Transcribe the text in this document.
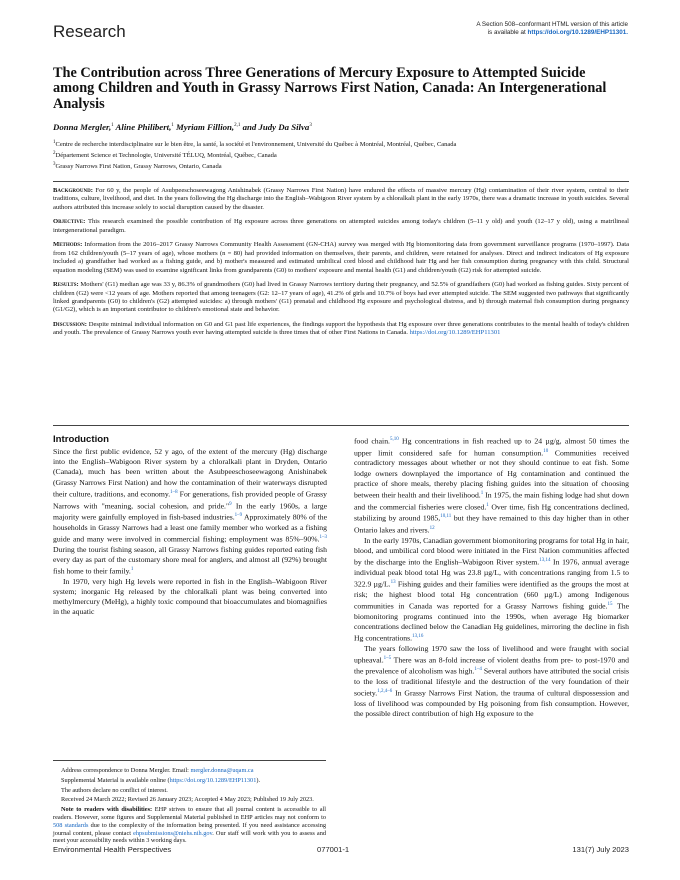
Research	A Section 508–conformant HTML version of this article
is available at https://doi.org/10.1289/EHP11301.
The Contribution across Three Generations of Mercury Exposure to Attempted Suicide among Children and Youth in Grassy Narrows First Nation, Canada: An Intergenerational Analysis
Donna Mergler,$^1$ Aline Philibert,$^1$ Myriam Fillion,$^{2,1}$ and Judy Da Silva$^3$
$^1$Centre de recherche interdisciplinaire sur le bien être, la santé, la société et l'environnement, Université du Québec à Montréal, Montréal, Québec, Canada
$^2$Département Science et Technologie, Université TÉLUQ, Montréal, Québec, Canada
$^3$Grassy Narrows First Nation, Grassy Narrows, Ontario, Canada

Background: For 60 y, the people of Asubpeeschoseewagong Anishinabek (Grassy Narrows First Nation) have endured the effects of massive mercury (Hg) contamination of their river system, central to their traditions, culture, livelihood, and diet. In the years following the Hg discharge into the English–Wabigoon River system by a chloralkali plant in the early 1970s, there was a dramatic increase in youth suicides. Several authors attributed this increase solely to social disruption caused by the disaster.

Objective: This research examined the possible contribution of Hg exposure across three generations on attempted suicides among today's children (5–11 y old) and youth (12–17 y old), using a matrilineal intergenerational paradigm.

Methods: Information from the 2016–2017 Grassy Narrows Community Health Assessment (GN-CHA) survey was merged with Hg biomonitoring data from government surveillance programs (1970–1997). Data from 162 children/youth (5–17 years of age), whose mothers (n = 80) had provided information on themselves, their parents, and children, were retained for analyses. Direct and indirect indicators of Hg exposure included a) grandfather had worked as a fishing guide, and b) mother's measured and estimated umbilical cord blood and childhood hair Hg and her fish consumption during pregnancy with this child. Structural equation modeling (SEM) was used to examine significant links from grandparents (G0) to mothers' exposure and mental health (G1) and children/youth (G2) risk for attempted suicide.

Results: Mothers' (G1) median age was 33 y, 86.3% of grandmothers (G0) had lived in Grassy Narrows territory during their pregnancy, and 52.5% of grandfathers (G0) had worked as fishing guides. Sixty percent of children (G2) were <12 years of age. Mothers reported that among teenagers (G2: 12–17 years of age), 41.2% of girls and 10.7% of boys had ever attempted suicide. The SEM suggested two pathways that significantly linked grandparents (G0) to children's (G2) attempted suicides: a) through mothers' (G1) prenatal and childhood Hg exposure and psychological distress, and b) through maternal fish consumption during pregnancy (G1/G2), which is an important contributor to children's emotional state and behavior.

Discussion: Despite minimal individual information on G0 and G1 past life experiences, the findings support the hypothesis that Hg exposure over three generations contributes to the mental health of today's children and youth. The prevalence of Grassy Narrows youth ever having attempted suicide is three times that of other First Nations in Canada. https://doi.org/10.1289/EHP11301

Introduction

Since the first public evidence, 52 y ago, of the extent of the mercury (Hg) discharge into the English–Wabigoon River system by a chloralkali plant in Dryden, Ontario (Canada), much has been written about the Asubpeeschoseewagong Anishinabek (Grassy Narrows First Nation) and how the contamination of their waterways disrupted their culture, traditions, and economy.$^{1-8}$ For generations, fish provided people of Grassy Narrows with "meaning, social cohesion, and pride."$^9$ In the early 1960s, a large majority were gainfully employed in fish-based industries.$^{1-9}$ Approximately 80% of the households in Grassy Narrows had a least one family member who worked as a fishing guide and many were involved in commercial fishing; employment was 85%–90%.$^{1-3}$ During the tourist fishing season, all Grassy Narrows fishing guides reported eating fish every day as part of the customary shore meal for anglers, and almost all (92%) brought fish home to their family.$^1$

In 1970, very high Hg levels were reported in fish in the English–Wabigoon River system; inorganic Hg released by the chloralkali plant was being converted into methylmercury (MeHg), a highly toxic compound that bioaccumulates and biomagnifies in the aquatic

Address correspondence to Donna Mergler. Email: mergler.donna@uqam.ca

Supplemental Material is available online (https://doi.org/10.1289/EHP11301).

The authors declare no conflict of interest.

Received 24 March 2022; Revised 26 January 2023; Accepted 4 May 2023; Published 19 July 2023.

Note to readers with disabilities: EHP strives to ensure that all journal content is accessible to all readers. However, some figures and Supplemental Material published in EHP articles may not conform to 508 standards due to the complexity of the information being presented. If you need assistance accessing journal content, please contact ehpsubmissions@niehs.nih.gov. Our staff will work with you to assess and meet your accessibility needs within 3 working days.

food chain.$^{5,10}$ Hg concentrations in fish reached up to 24 µg/g, almost 50 times the upper limit considered safe for human consumption.$^{10}$ Communities received contradictory messages about whether or not they should continue to eat fish. Some lodge owners downplayed the importance of Hg contamination and continued the practice of shore meals, thereby placing fishing guides into the situation of choosing between their health and their livelihood.$^1$ In 1975, the main fishing lodge had shut down and the commercial fisheries were closed.$^1$ Over time, fish Hg concentrations declined, stabilizing by around 1985,$^{10,11}$ but they have remained to this day higher than in other Ontario lakes and rivers.$^{12}$

In the early 1970s, Canadian government biomonitoring programs for total Hg in hair, blood, and umbilical cord blood were initiated in the First Nation communities affected by the discharge into the English–Wabigoon River system.$^{13,14}$ In 1976, annual average individual peak blood total Hg was 23.8 µg/L, with concentrations ranging from 1.5 to 322.9 µg/L.$^{13}$ Fishing guides and their families were identified as the groups the most at risk; the highest blood total Hg concentration (660 µg/L) among Indigenous communities in Canada was reported for a Grassy Narrows fishing guide.$^{15}$ The biomonitoring programs continued into the 1990s, when average Hg biomarker concentrations declined below the Canadian Hg guidelines, mirroring the decline in fish Hg concentrations.$^{13,16}$

The years following 1970 saw the loss of livelihood and were fraught with social upheaval.$^{1-5}$ There was an 8-fold increase of violent deaths from pre- to post-1970 and the prevalence of alcoholism was high.$^{1-4}$ Several authors have attributed the social crisis to the loss of traditional lifestyle and the destruction of the very foundation of their society.$^{1,2,4-6}$ In Grassy Narrows First Nation, the trauma of cultural dispossession and loss of livelihood was compounded by Hg poisoning from fish consumption. However, the possible direct contribution of high Hg exposure to the

Environmental Health Perspectives	077001-1	131(7) July 2023
